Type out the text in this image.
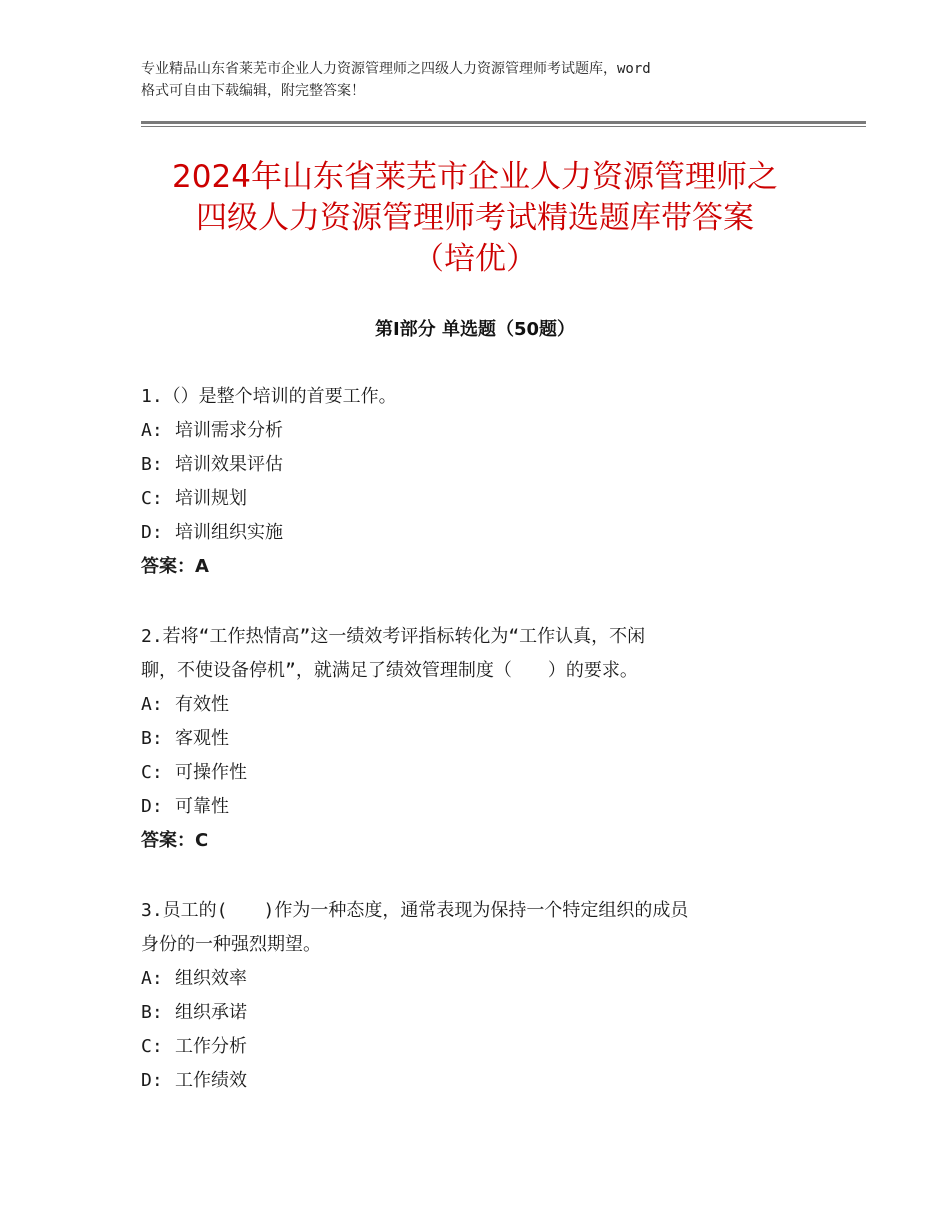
专业精品山东省莱芜市企业人力资源管理师之四级人力资源管理师考试题库，word
格式可自由下载编辑，附完整答案！
2024年山东省莱芜市企业人力资源管理师之
四级人力资源管理师考试精选题库带答案
（培优）
第Ⅰ部分 单选题（50题）
1.（）是整个培训的首要工作。
A: 培训需求分析
B: 培训效果评估
C: 培训规划
D: 培训组织实施
答案：A
2.若将“工作热情高”这一绩效考评指标转化为“工作认真，不闲
聊，不使设备停机”，就满足了绩效管理制度（　　）的要求。
A: 有效性
B: 客观性
C: 可操作性
D: 可靠性
答案：C
3.员工的(　　)作为一种态度，通常表现为保持一个特定组织的成员
身份的一种强烈期望。
A: 组织效率
B: 组织承诺
C: 工作分析
D: 工作绩效
